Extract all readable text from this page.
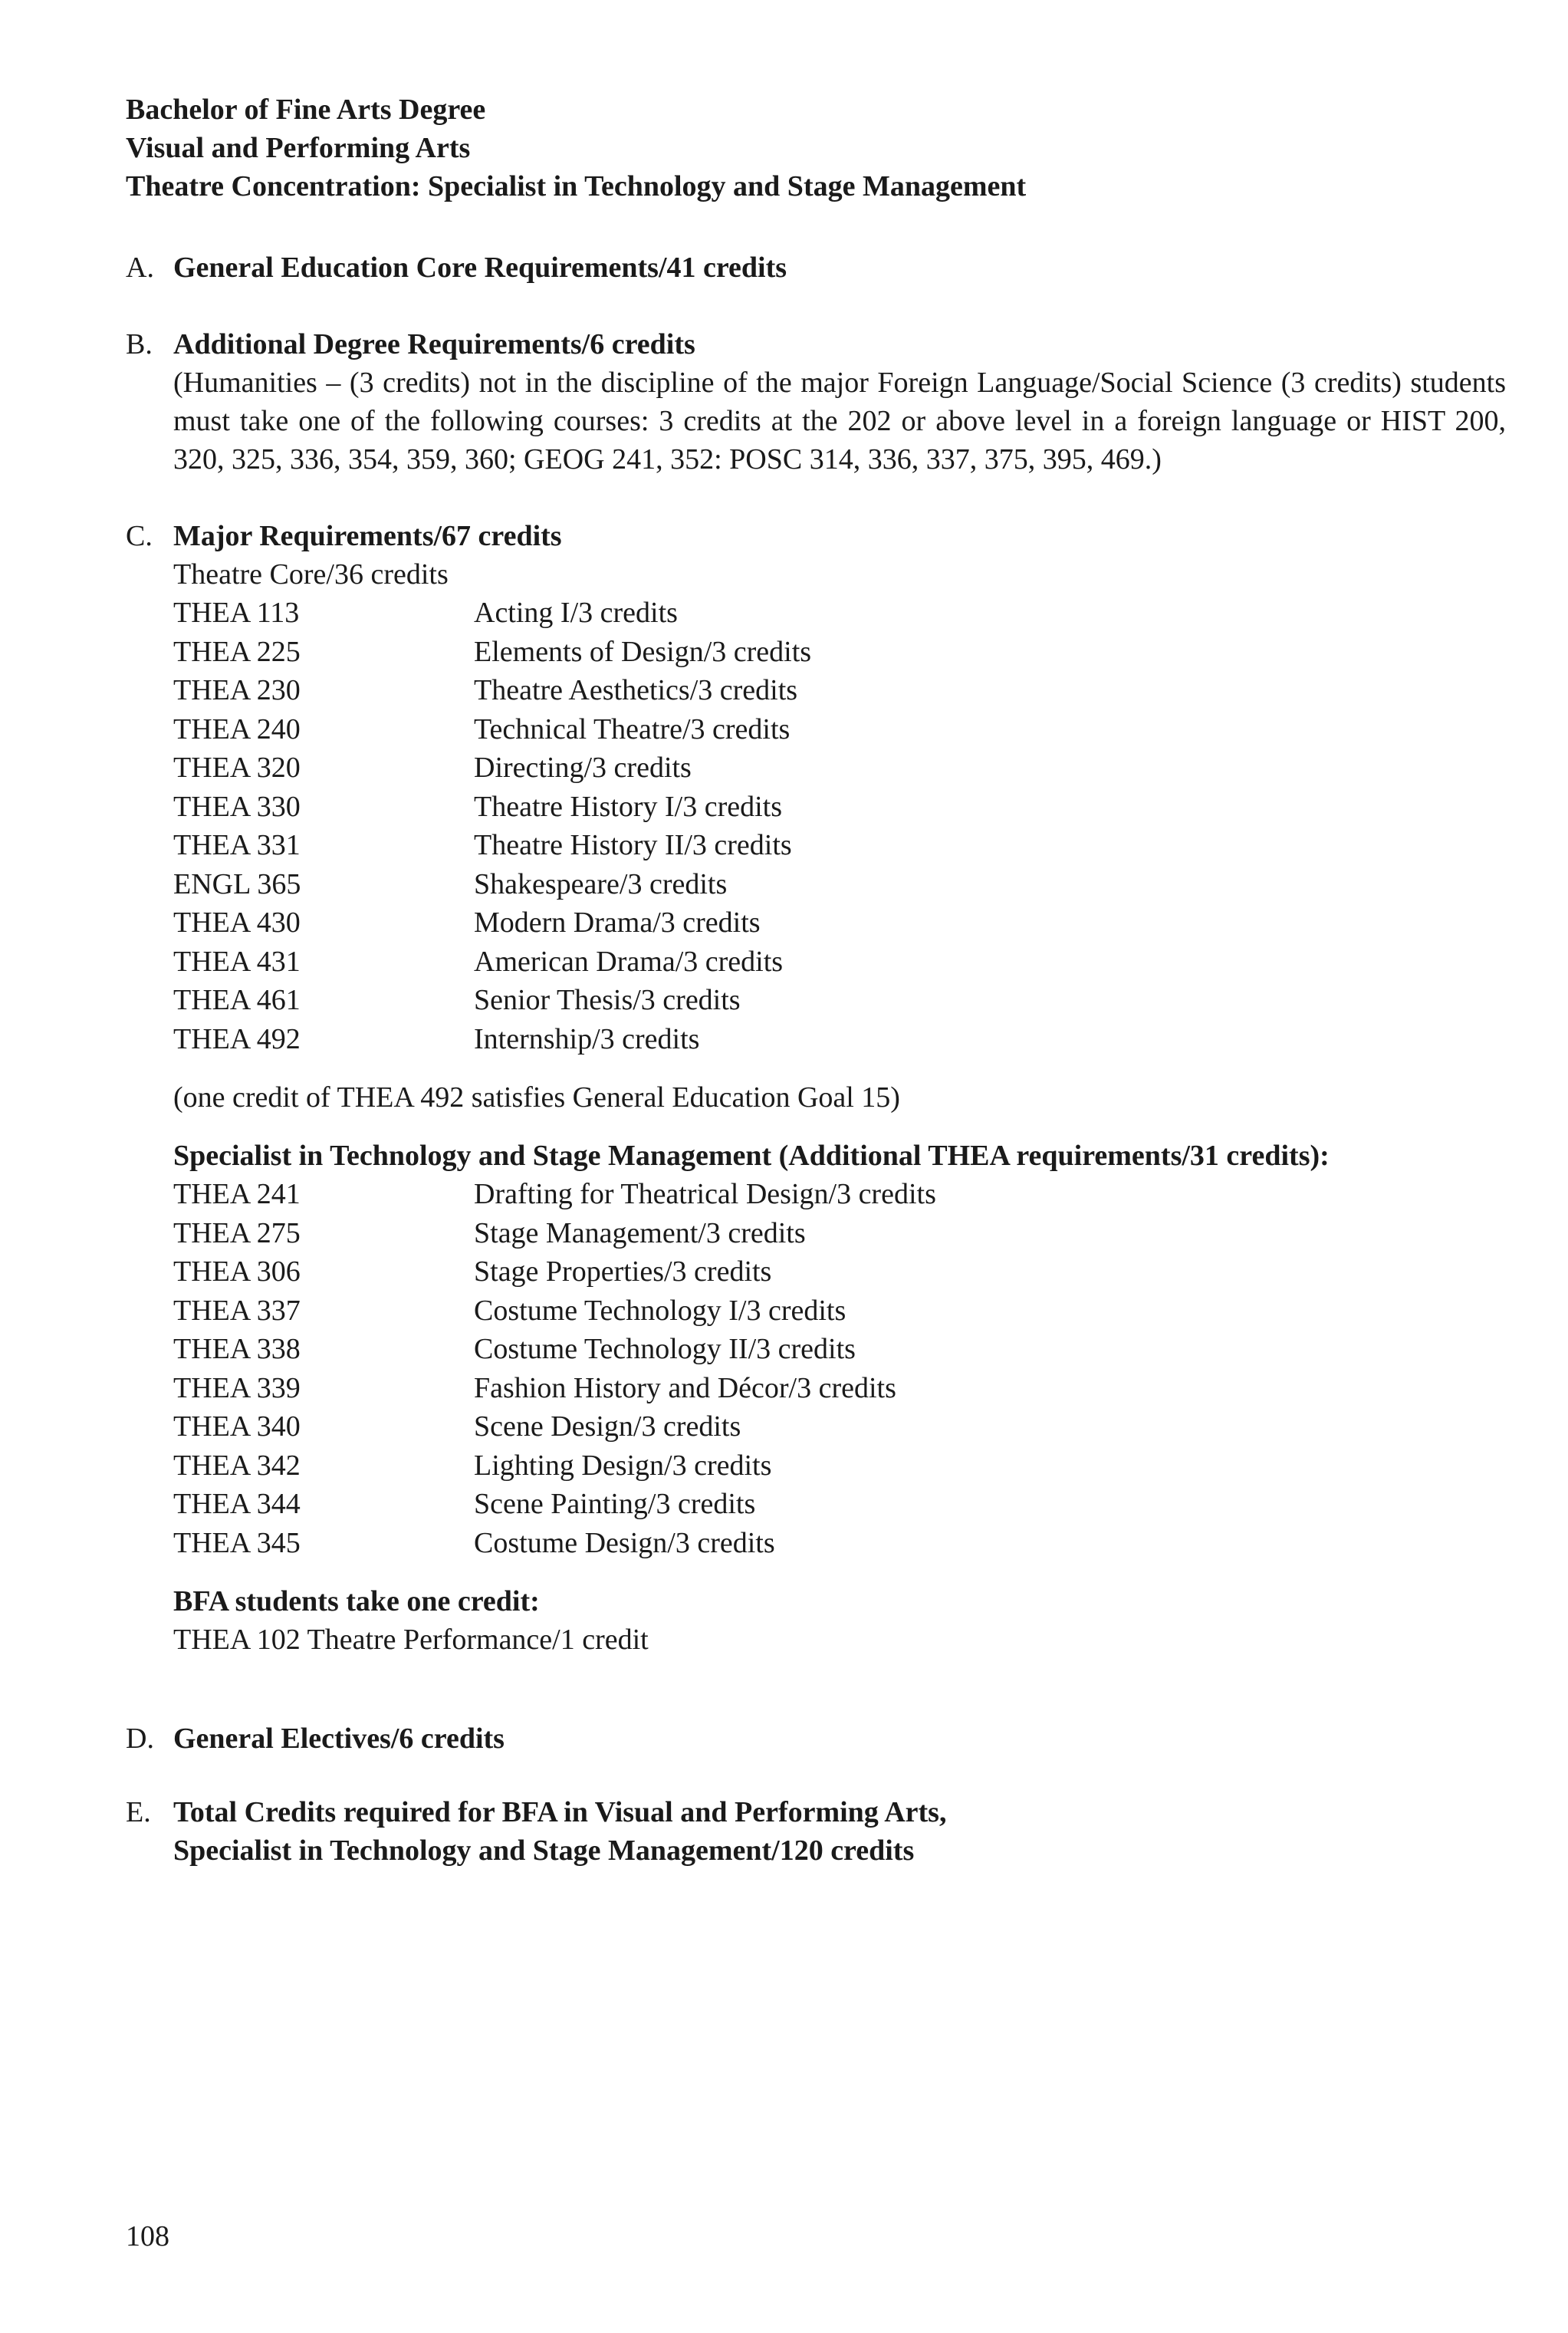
Bachelor of Fine Arts Degree
Visual and Performing Arts
Theatre Concentration: Specialist in Technology and Stage Management
A. General Education Core Requirements/41 credits
B. Additional Degree Requirements/6 credits
(Humanities – (3 credits) not in the discipline of the major Foreign Language/Social Science (3 credits) students must take one of the following courses: 3 credits at the 202 or above level in a foreign language or HIST 200, 320, 325, 336, 354, 359, 360; GEOG 241, 352: POSC 314, 336, 337, 375, 395, 469.)
C. Major Requirements/67 credits
Theatre Core/36 credits
THEA 113	Acting I/3 credits
THEA 225	Elements of Design/3 credits
THEA 230	Theatre Aesthetics/3 credits
THEA 240	Technical Theatre/3 credits
THEA 320	Directing/3 credits
THEA 330	Theatre History I/3 credits
THEA 331	Theatre History II/3 credits
ENGL 365	Shakespeare/3 credits
THEA 430	Modern Drama/3 credits
THEA 431	American Drama/3 credits
THEA 461	Senior Thesis/3 credits
THEA 492	Internship/3 credits
(one credit of THEA 492 satisfies General Education Goal 15)
Specialist in Technology and Stage Management (Additional THEA requirements/31 credits):
THEA 241	Drafting for Theatrical Design/3 credits
THEA 275	Stage Management/3 credits
THEA 306	Stage Properties/3 credits
THEA 337	Costume Technology I/3 credits
THEA 338	Costume Technology II/3 credits
THEA 339	Fashion History and Décor/3 credits
THEA 340	Scene Design/3 credits
THEA 342	Lighting Design/3 credits
THEA 344	Scene Painting/3 credits
THEA 345	Costume Design/3 credits
BFA students take one credit:
THEA 102 Theatre Performance/1 credit
D. General Electives/6 credits
E. Total Credits required for BFA in Visual and Performing Arts,
Specialist in Technology and Stage Management/120 credits
108
